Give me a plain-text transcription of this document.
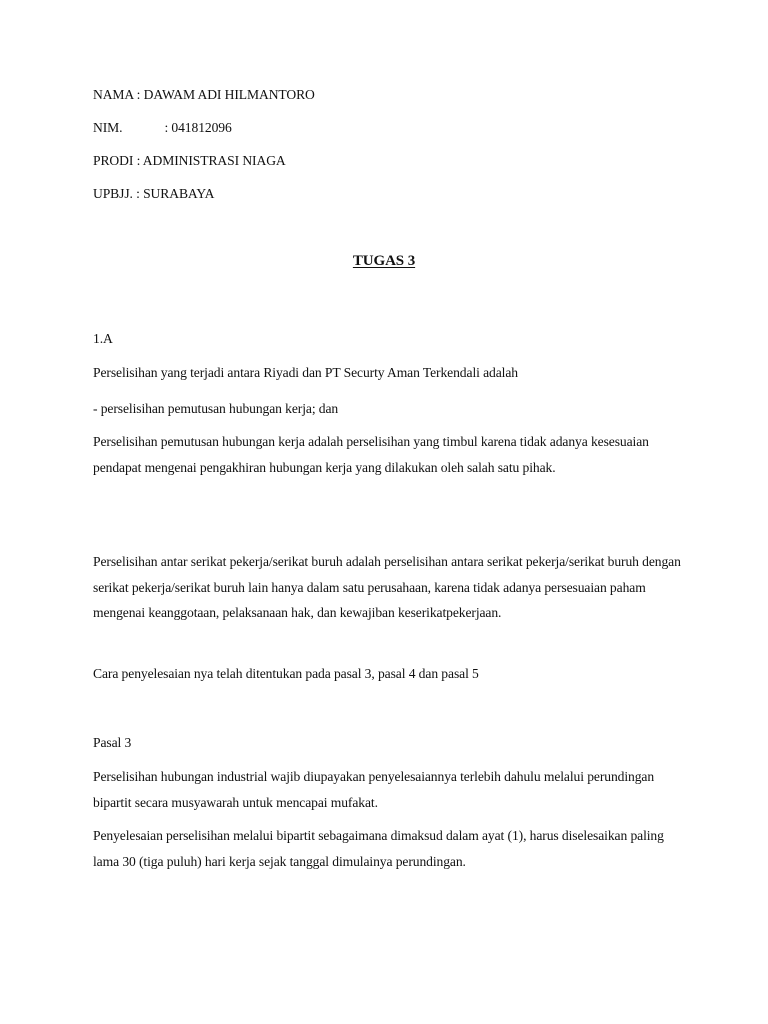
NAMA : DAWAM ADI HILMANTORO

NIM.	: 041812096

PRODI : ADMINISTRASI NIAGA

UPBJJ. : SURABAYA

TUGAS 3

1.A

Perselisihan yang terjadi antara Riyadi dan PT Securty Aman Terkendali adalah

- perselisihan pemutusan hubungan kerja; dan

Perselisihan pemutusan hubungan kerja adalah perselisihan yang timbul karena tidak adanya kesesuaian pendapat mengenai pengakhiran hubungan kerja yang dilakukan oleh salah satu pihak.

Perselisihan antar serikat pekerja/serikat buruh adalah perselisihan antara serikat pekerja/serikat buruh dengan serikat pekerja/serikat buruh lain hanya dalam satu perusahaan, karena tidak adanya persesuaian paham mengenai keanggotaan, pelaksanaan hak, dan kewajiban keserikatpekerjaan.

Cara penyelesaian nya telah ditentukan pada pasal 3, pasal 4 dan pasal 5

Pasal 3

Perselisihan hubungan industrial wajib diupayakan penyelesaiannya terlebih dahulu melalui perundingan bipartit secara musyawarah untuk mencapai mufakat.

Penyelesaian perselisihan melalui bipartit sebagaimana dimaksud dalam ayat (1), harus diselesaikan paling lama 30 (tiga puluh) hari kerja sejak tanggal dimulainya perundingan.
